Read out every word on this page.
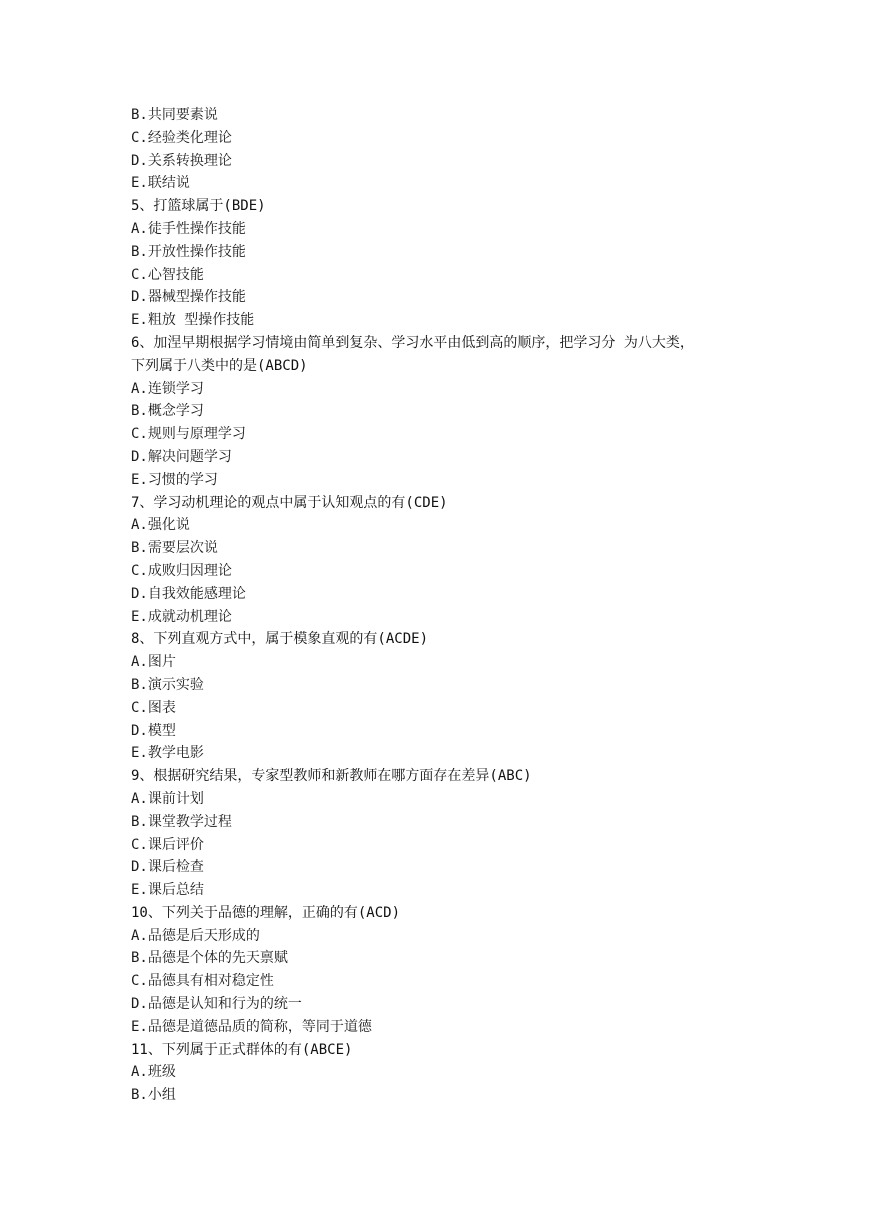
B.共同要素说
C.经验类化理论
D.关系转换理论
E.联结说
5、打篮球属于(BDE)
A.徒手性操作技能
B.开放性操作技能
C.心智技能
D.器械型操作技能
E.粗放 型操作技能
6、加涅早期根据学习情境由简单到复杂、学习水平由低到高的顺序，把学习分 为八大类，
下列属于八类中的是(ABCD)
A.连锁学习
B.概念学习
C.规则与原理学习
D.解决问题学习
E.习惯的学习
7、学习动机理论的观点中属于认知观点的有(CDE)
A.强化说
B.需要层次说
C.成败归因理论
D.自我效能感理论
E.成就动机理论
8、下列直观方式中，属于模象直观的有(ACDE)
A.图片
B.演示实验
C.图表
D.模型
E.教学电影
9、根据研究结果，专家型教师和新教师在哪方面存在差异(ABC)
A.课前计划
B.课堂教学过程
C.课后评价
D.课后检查
E.课后总结
10、下列关于品德的理解，正确的有(ACD)
A.品德是后天形成的
B.品德是个体的先天禀赋
C.品德具有相对稳定性
D.品德是认知和行为的统一
E.品德是道德品质的简称，等同于道德
11、下列属于正式群体的有(ABCE)
A.班级
B.小组
